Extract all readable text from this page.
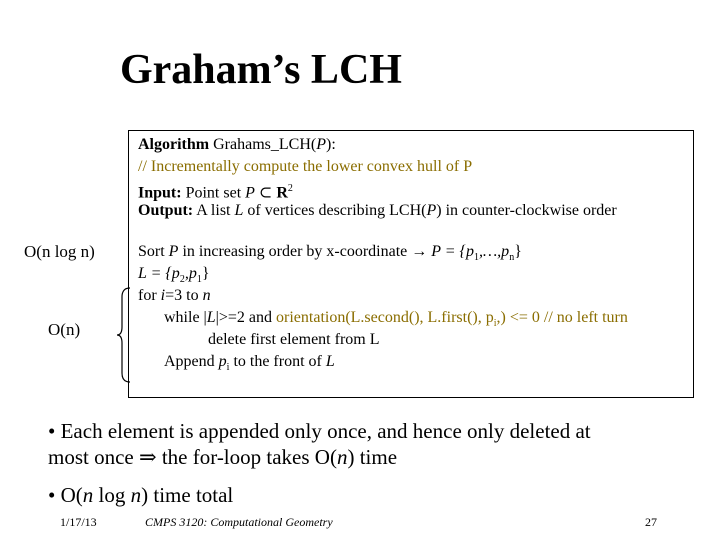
Graham’s LCH
Algorithm Grahams_LCH(P):
// Incrementally compute the lower convex hull of P
Input: Point set P ⊂ $R^2$
Output: A list L of vertices describing LCH(P) in counter-clockwise order
Sort P in increasing order by x-coordinate → $P = \{p_1,\dots,p_n\}$
$L = \{p_2,p_1\}$
for i=3 to n
while |L|>=2 and orientation(L.second(), L.first(), $p_i,) <= 0$ // no left turn
delete first element from L
Append $p_i$ to the front of L
O(n log n)
O(n)
• Each element is appended only once, and hence only deleted at
most once ⇒ the for-loop takes O(n) time
• O(n log n) time total
1/17/13	CMPS 3120: Computational Geometry	27
